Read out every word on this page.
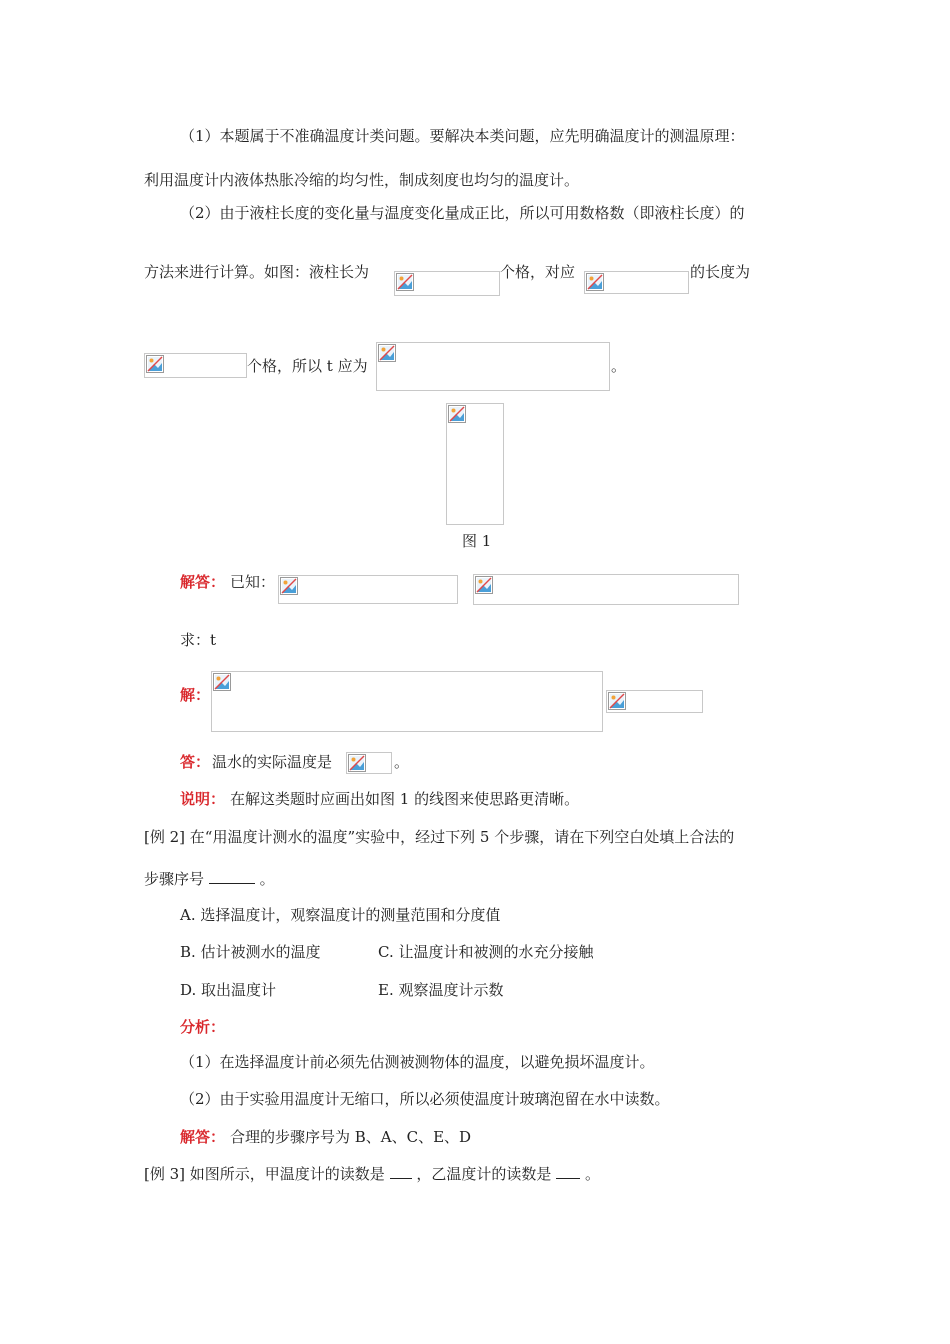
（1）本题属于不准确温度计类问题。要解决本类问题，应先明确温度计的测温原理：
利用温度计内液体热胀冷缩的均匀性，制成刻度也均匀的温度计。
（2）由于液柱长度的变化量与温度变化量成正比，所以可用数格数（即液柱长度）的
方法来进行计算。如图：液柱长为	个格，对应	的长度为
个格，所以 t 应为	。
图 1
解答： 已知：
求：t
解：
答： 温水的实际温度是	。
说明： 在解这类题时应画出如图 1 的线图来使思路更清晰。
[例 2] 在“用温度计测水的温度”实验中，经过下列 5 个步骤，请在下列空白处填上合法的
步骤序号	。
A. 选择温度计，观察温度计的测量范围和分度值
B. 估计被测水的温度	C. 让温度计和被测的水充分接触
D. 取出温度计	E. 观察温度计示数
分析：
（1）在选择温度计前必须先估测被测物体的温度，以避免损坏温度计。
（2）由于实验用温度计无缩口，所以必须使温度计玻璃泡留在水中读数。
解答： 合理的步骤序号为 B、A、C、E、D
[例 3] 如图所示，甲温度计的读数是 ，乙温度计的读数是 。
